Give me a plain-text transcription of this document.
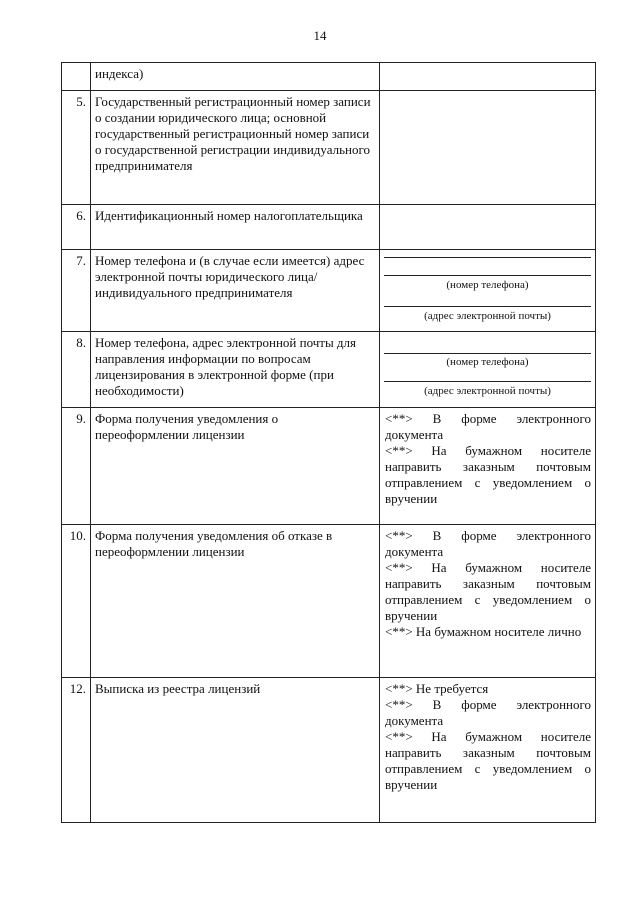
14
	индекса)	
5.	Государственный регистрационный номер записи о создании юридического лица; основной государственный регистрационный номер записи о государственной регистрации индивидуального предпринимателя	
6.	Идентификационный номер налогоплательщика	
7.	Номер телефона и (в случае если имеется) адрес электронной почты юридического лица/индивидуального предпринимателя	(номер телефона)
(адрес электронной почты)

8.	Номер телефона, адрес электронной почты для направления информации по вопросам лицензирования в электронной форме (при необходимости)	(номер телефона)
(адрес электронной почты)

9.	Форма получения уведомления о переоформлении лицензии	<**> В форме электронного документа
<**> На бумажном носителе направить заказным почтовым отправлением с уведомлением о вручении

10.	Форма получения уведомления об отказе в переоформлении лицензии	<**> В форме электронного документа
<**> На бумажном носителе направить заказным почтовым отправлением с уведомлением о вручении
<**> На бумажном носителе лично

12.	Выписка из реестра лицензий	<**> Не требуется
<**> В форме электронного документа
<**> На бумажном носителе направить заказным почтовым отправлением с уведомлением о вручении
